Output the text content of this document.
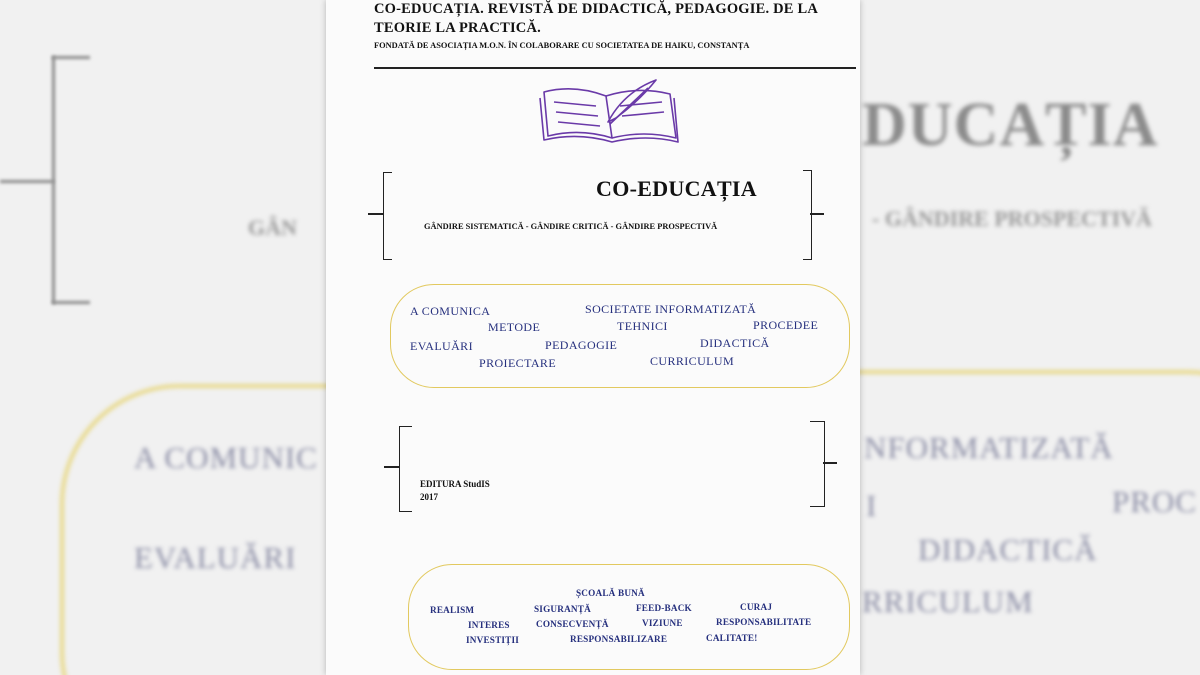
GÂN
DUCAȚIA
- GÂNDIRE PROSPECTIVĂ
A COMUNIC
EVALUĂRI
NFORMATIZATĂ
I	PROC
DIDACTICĂ
RRICULUM
CO-EDUCAȚIA. REVISTĂ DE DIDACTICĂ, PEDAGOGIE. DE LA TEORIE LA PRACTICĂ.
FONDATĂ DE ASOCIAȚIA M.O.N. ÎN COLABORARE CU SOCIETATEA DE HAIKU, CONSTANȚA
CO-EDUCAȚIA
GÂNDIRE SISTEMATICĂ - GÂNDIRE CRITICĂ - GÂNDIRE PROSPECTIVĂ
A COMUNICA	SOCIETATE INFORMATIZATĂ
METODE	TEHNICI	PROCEDEE
EVALUĂRI	PEDAGOGIE	DIDACTICĂ
PROIECTARE	CURRICULUM
EDITURA StudIS
2017
ȘCOALĂ BUNĂ
REALISM	SIGURANȚĂ	FEED-BACK	CURAJ
INTERES	CONSECVENȚĂ	VIZIUNE	RESPONSABILITATE
INVESTIȚII	RESPONSABILIZARE	CALITATE!
